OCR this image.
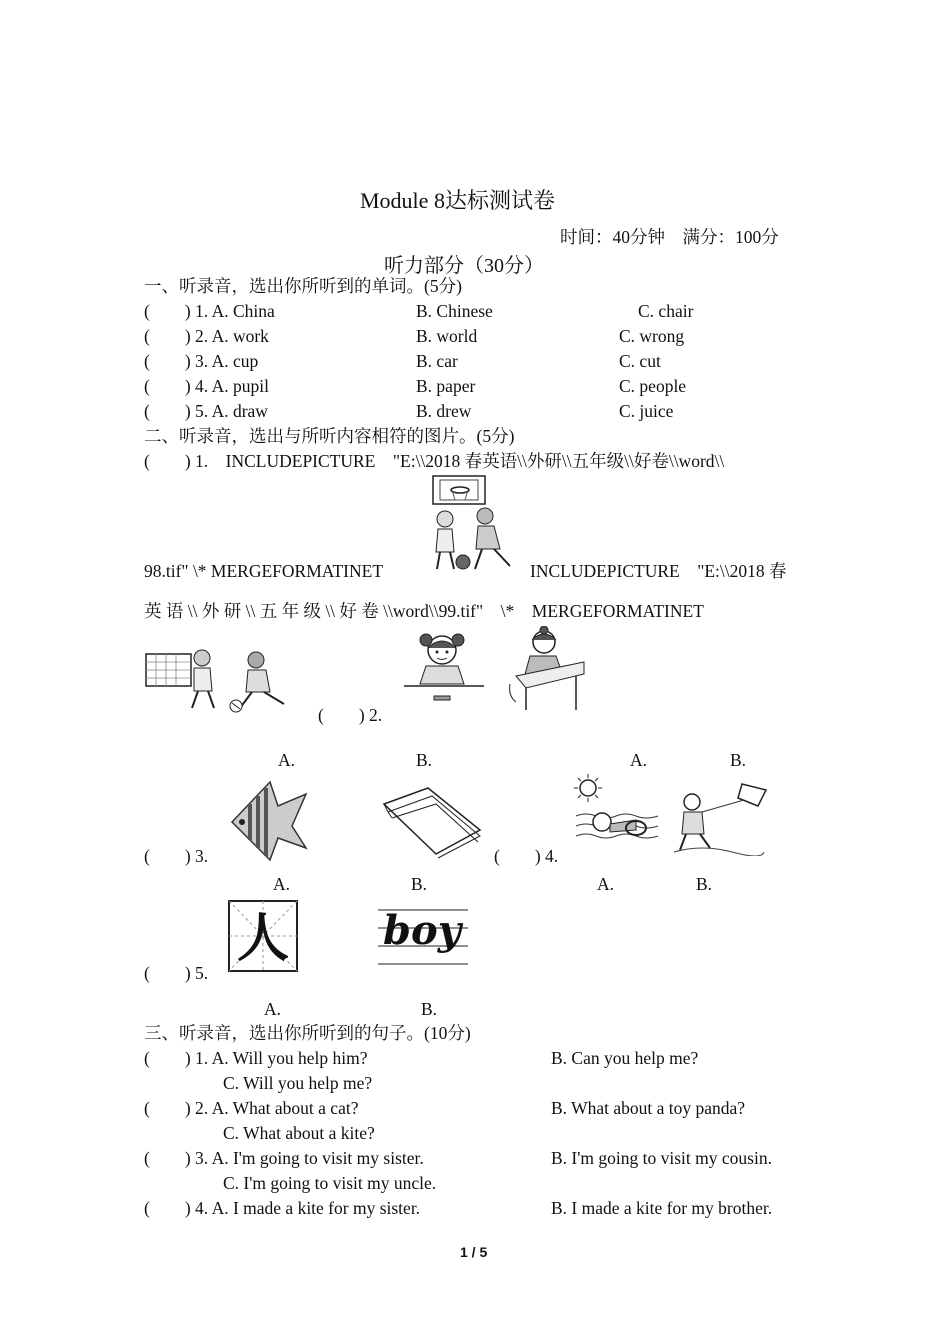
Module 8达标测试卷
时间：40分钟　满分：100分
听力部分（30分）
一、听录音，选出你所听到的单词。(5分)
(　　) 1. A. China	B. Chinese	C. chair
(　　) 2. A. work	B. world	C. wrong
(　　) 3. A. cup	B. car	C. cut
(　　) 4. A. pupil	B. paper	C. people
(　　) 5. A. draw	B. drew	C. juice
二、听录音，选出与所听内容相符的图片。(5分)
(　　) 1.　INCLUDEPICTURE　"E:\\2018 春英语\\外研\\五年级\\好卷\\word\\
98.tif" \* MERGEFORMATINET	INCLUDEPICTURE　"E:\\2018 春
英 语 \\ 外 研 \\ 五 年 级 \\ 好 卷 \\word\\99.tif"　\*　MERGEFORMATINET
(　　) 2.
A.	B.	A.	B.
(　　) 3.	(　　) 4.
A.	B.	A.	B.
人 boy
(　　) 5.
A.	B.
三、听录音，选出你所听到的句子。(10分)
(　　) 1. A. Will you help him?	B. Can you help me?
C. Will you help me?
(　　) 2. A. What about a cat?	B. What about a toy panda?
C. What about a kite?
(　　) 3. A. I'm going to visit my sister.	B. I'm going to visit my cousin.
C. I'm going to visit my uncle.
(　　) 4. A. I made a kite for my sister.	B. I made a kite for my brother.
1 / 5
